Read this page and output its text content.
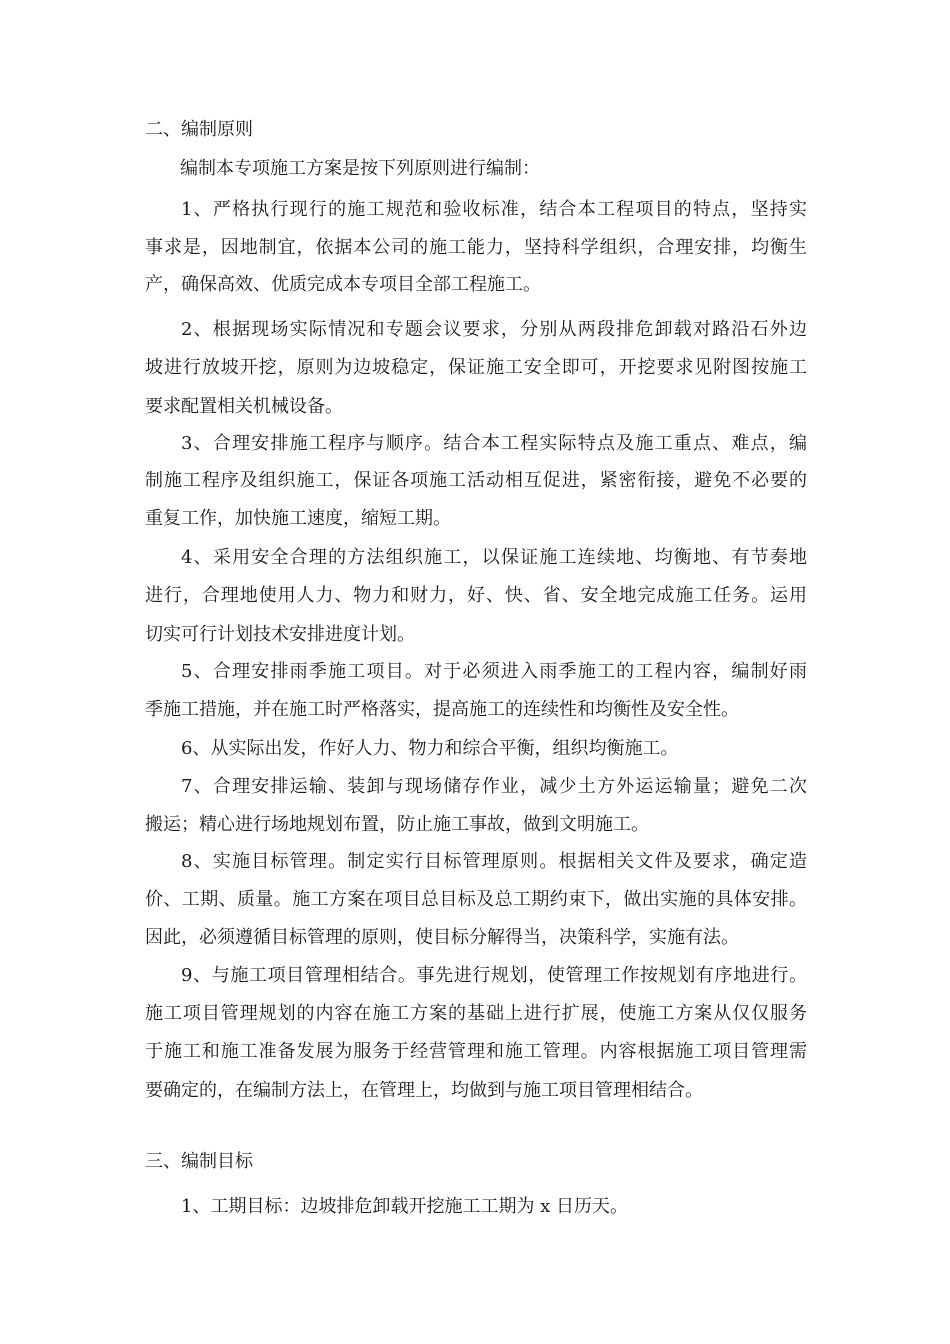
二、编制原则
编制本专项施工方案是按下列原则进行编制：
1、严格执行现行的施工规范和验收标准，结合本工程项目的特点，坚持实
事求是，因地制宜，依据本公司的施工能力，坚持科学组织，合理安排，均衡生
产，确保高效、优质完成本专项目全部工程施工。
2、根据现场实际情况和专题会议要求，分别从两段排危卸载对路沿石外边
坡进行放坡开挖，原则为边坡稳定，保证施工安全即可，开挖要求见附图按施工
要求配置相关机械设备。
3、合理安排施工程序与顺序。结合本工程实际特点及施工重点、难点，编
制施工程序及组织施工，保证各项施工活动相互促进，紧密衔接，避免不必要的
重复工作，加快施工速度，缩短工期。
4、采用安全合理的方法组织施工，以保证施工连续地、均衡地、有节奏地
进行，合理地使用人力、物力和财力，好、快、省、安全地完成施工任务。运用
切实可行计划技术安排进度计划。
5、合理安排雨季施工项目。对于必须进入雨季施工的工程内容，编制好雨
季施工措施，并在施工时严格落实，提高施工的连续性和均衡性及安全性。
6、从实际出发，作好人力、物力和综合平衡，组织均衡施工。
7、合理安排运输、装卸与现场储存作业，减少土方外运运输量；避免二次
搬运；精心进行场地规划布置，防止施工事故，做到文明施工。
8、实施目标管理。制定实行目标管理原则。根据相关文件及要求，确定造
价、工期、质量。施工方案在项目总目标及总工期约束下，做出实施的具体安排。
因此，必须遵循目标管理的原则，使目标分解得当，决策科学，实施有法。
9、与施工项目管理相结合。事先进行规划，使管理工作按规划有序地进行。
施工项目管理规划的内容在施工方案的基础上进行扩展，使施工方案从仅仅服务
于施工和施工准备发展为服务于经营管理和施工管理。内容根据施工项目管理需
要确定的，在编制方法上，在管理上，均做到与施工项目管理相结合。
三、编制目标
1、工期目标：边坡排危卸载开挖施工工期为 x 日历天。
